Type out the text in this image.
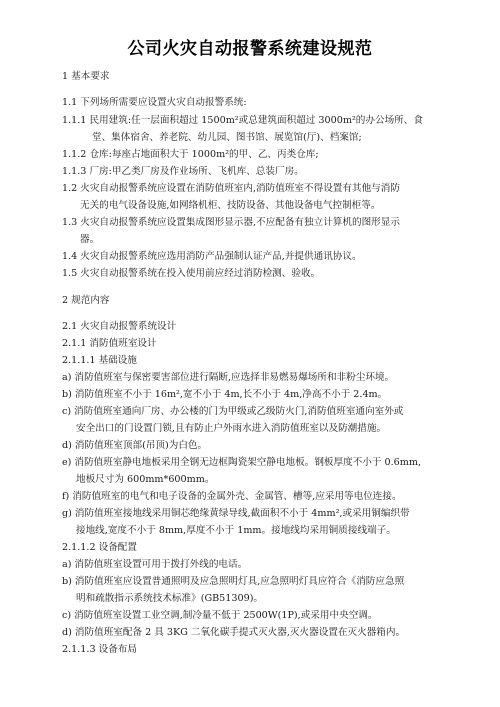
公司火灾自动报警系统建设规范
1 基本要求
1.1 下列场所需要应设置火灾自动报警系统:
1.1.1 民用建筑:任一层面积超过 1500m²或总建筑面积超过 3000m²的办公场所、食
堂、集体宿舍、养老院、幼儿园、图书馆、展览馆(厅)、档案馆;
1.1.2 仓库:每座占地面积大于 1000m²的甲、乙、丙类仓库;
1.1.3 厂房:甲乙类厂房及作业场所、飞机库、总装厂房。
1.2 火灾自动报警系统应设置在消防值班室内,消防值班室不得设置有其他与消防
无关的电气设备设施,如网络机柜、技防设备、其他设备电气控制柜等。
1.3 火灾自动报警系统应设置集成图形显示器,不应配备有独立计算机的图形显示
器。
1.4 火灾自动报警系统应选用消防产品强制认证产品,并提供通讯协议。
1.5 火灾自动报警系统在投入使用前应经过消防检测、验收。
2 规范内容
2.1 火灾自动报警系统设计
2.1.1 消防值班室设计
2.1.1.1 基础设施
a) 消防值班室与保密要害部位进行隔断,应选择非易燃易爆场所和非粉尘环境。
b) 消防值班室不小于 16m²,宽不小于 4m,长不小于 4m,净高不小于 2.4m。
c) 消防值班室通向厂房、办公楼的门为甲级或乙级防火门,消防值班室通向室外或
安全出口的门设置门锁,且有防止户外雨水进入消防值班室以及防潮措施。
d) 消防值班室顶部(吊顶)为白色。
e) 消防值班室静电地板采用全钢无边框陶瓷架空静电地板。钢板厚度不小于 0.6mm,
地板尺寸为 600mm*600mm。
f) 消防值班室的电气和电子设备的金属外壳、金属管、槽等,应采用等电位连接。
g) 消防值班室接地线采用铜芯绝缘黄绿导线,截面积不小于 4mm²,或采用铜编织带
接地线,宽度不小于 8mm,厚度不小于 1mm。接地线均采用铜质接线端子。
2.1.1.2 设备配置
a) 消防值班室设置可用于拨打外线的电话。
b) 消防值班室应设置普通照明及应急照明灯具,应急照明灯具应符合《消防应急照
明和疏散指示系统技术标准》(GB51309)。
c) 消防值班室设置工业空调,制冷量不低于 2500W(1P),或采用中央空调。
d) 消防值班室配备 2 具 3KG 二氧化碳手提式灭火器,灭火器设置在灭火器箱内。
2.1.1.3 设备布局
